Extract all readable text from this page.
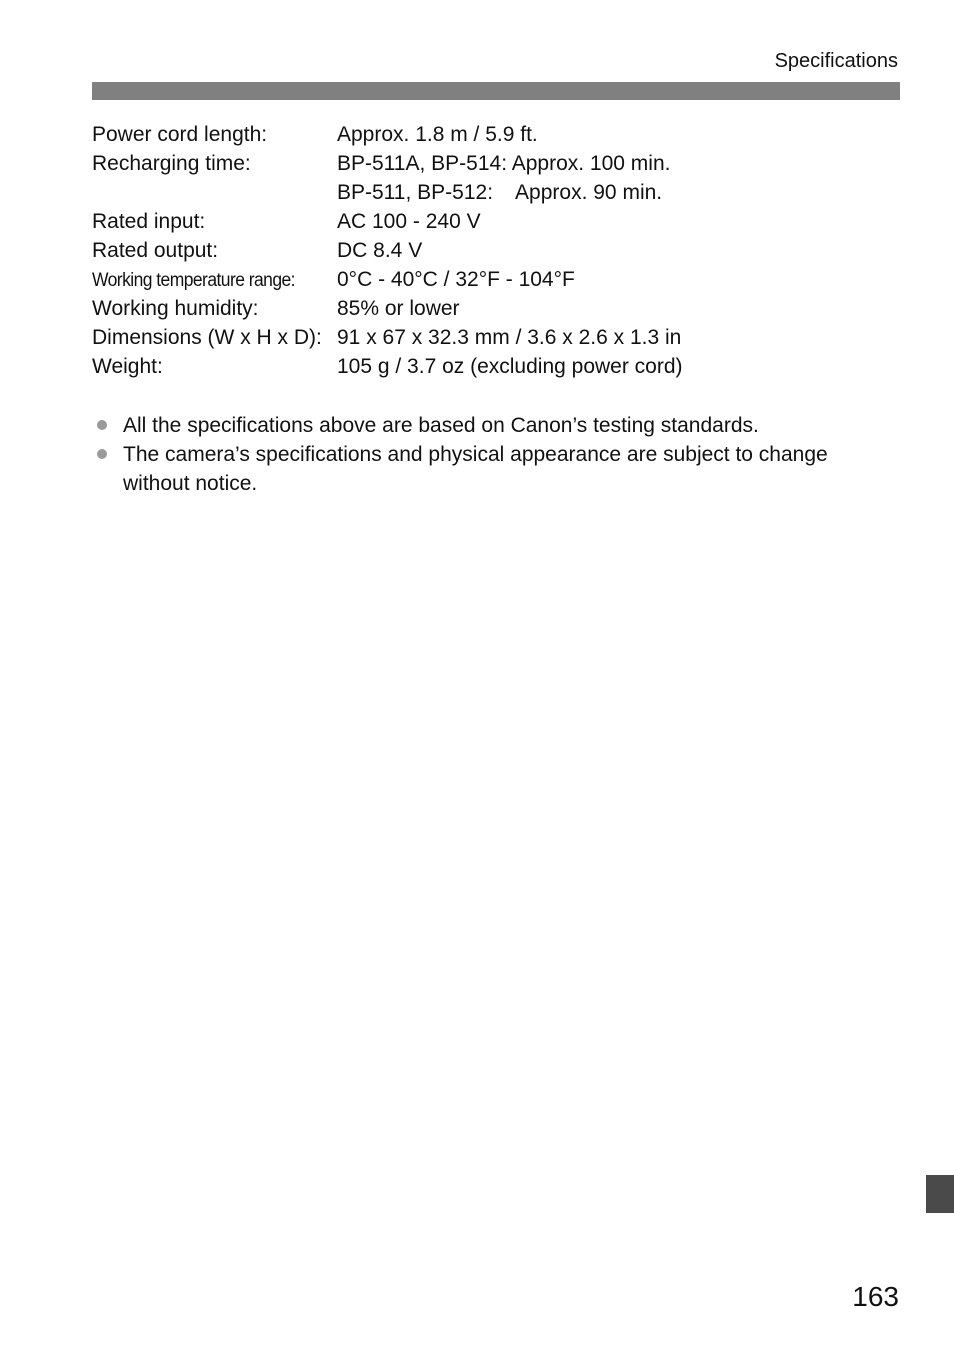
Specifications
Power cord length:	Approx. 1.8 m / 5.9 ft.
Recharging time:	BP-511A, BP-514: Approx. 100 min.
BP-511, BP-512: Approx. 90 min.
Rated input:	AC 100 - 240 V
Rated output:	DC 8.4 V
Working temperature range:	0°C - 40°C / 32°F - 104°F
Working humidity:	85% or lower
Dimensions (W x H x D): 91 x 67 x 32.3 mm / 3.6 x 2.6 x 1.3 in
Weight:	105 g / 3.7 oz (excluding power cord)
All the specifications above are based on Canon’s testing standards.
The camera’s specifications and physical appearance are subject to change without notice.
163
